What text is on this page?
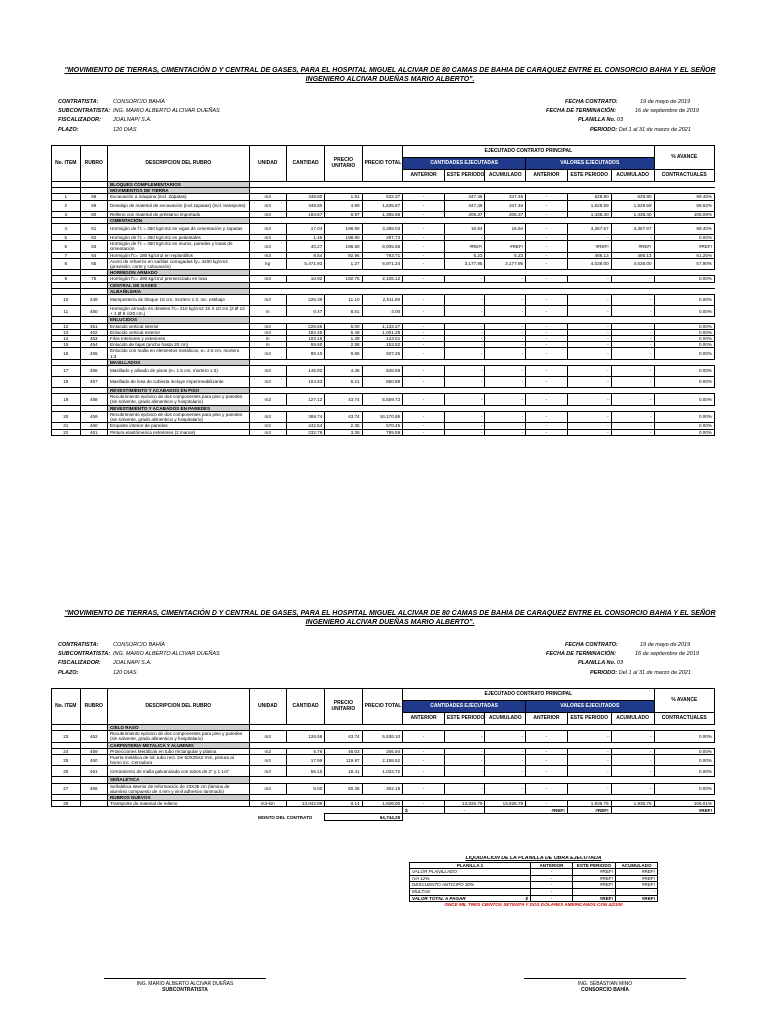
"MOVIMIENTO DE TIERRAS, CIMENTACIÓN D Y CENTRAL DE GASES, PARA EL HOSPITAL MIGUEL ALCIVAR DE 80 CAMAS DE BAHIA DE CARAQUEZ ENTRE EL CONSORCIO BAHIA Y EL SEÑOR INGENIERO ALCIVAR DUEÑAS MARIO ALBERTO".
CONTRATISTA:	CONSORCIO BAHÍA
SUBCONTRATISTA: ING. MARIO ALBERTO ALCIVAR DUEÑAS
FISCALIZADOR: JOALNAPI S.A.
PLAZO:	120 DIAS
FECHA CONTRATO:	19 de mayo de 2019
FECHA DE TERMINACIÓN:	16 de septiembre de 2019
PLANILLA No. 03
PERIODO: Del 1 al 31 de marzo de 2021
No. ITEM	RUBRO	DESCRIPCION DEL RUBRO	UNIDAD	CANTIDAD	PRECIO UNITARIO	PRECIO TOTAL	EJECUTADO CONTRATO PRINCIPAL						% AVANCE
							CANTIDADES EJECUTADAS			VALORES EJECUTADOS			
							ANTERIOR	ESTE PERIODO	ACUMULADO	ANTERIOR	ESTE PERIODO	ACUMULADO	CONTRACTUALES
		BLOQUES COMPLEMENTARIOS											
		MOVIMIENTOS DE TIERRA											
1	58	Excavación a máquina (incl. Zapatas)	m3	348.80	1.81	632.37	-	347.46	347.46	-	628.90	628.90	99.45%
2	59	Desalojo de material de excavación (incl.zapatas) (incl. transporte)	m3	348.80	4.69	1,635.87	-	347.46	347.46	-	1,629.59	1,629.59	99.62%
3	60	Relleno con material de préstamo importado	m3	194.67	6.97	1,355.88	-	206.37	206.37	-	1,438.40	1,438.40	106.09%
		CIMENTACIÓN											
4	61	Hormigón de f'c = 350 kg/cm2 en vigas de cimentación y zapatas	m3	17.04	198.80	3,388.03	-	16.94	16.94	-	3,367.67	3,367.67	99.40%
5	62	Hormigón de f'c = 350 kg/cm2 en pedestales	m3	1.45	198.80	287.73	-	-	-	-	-	-	0.00%
6	63	Hormigón de f'c = 350 kg/cm2 en muros, paredes y losas de cimentación	m3	40.27	198.80	8,005.56	-	#REF!	#REF!	-	#REF!	#REF!	#REF!
7	64	Hormigón f'c= 180 kg/cm2 en replantillos	m3	8.54	92.95	793.71	-	5.23	5.23	-	486.13	486.13	61.25%
8	65	Acero de refuerzo en varillas corrugadas fy= 4200 kg/cm2 (provisión, corte y colocación)	kg	5,471.93	1.27	6,971.24	-	3,177.95	3,177.95	-	4,036.00	4,036.00	57.90%
		HORMIGON ARMADO											
9	75	Hormigón f'c= 280 kg/cm2 premezclado en losa	m3	10.92	192.75	2,105.12	-	-	-	-	-	-	0.00%
		CENTRAL DE GASES											
		ALBAÑILERIA											
10	449	Mampostería de bloque 15 cm, mortero 1:3, inc. estibaje	m2	226.39	11.10	2,511.80	-	-	-	-	-	-	0.00%
11	450	Hormigón armado en dinteles f'c= 210 kg/cm2 15 X 10 cm (2 Ø 12 + 1 Ø 8 c/20 cm.)	m	0.47	8.51	4.00	-	-	-	-	-	-	0.00%
		ENLUCIDOS											
12	451	Enlucido vertical interior	m2	226.55	5.00	1,132.27	-	-	-	-	-	-	0.00%
13	452	Enlucido vertical exterior	m2	182.45	5.49	1,001.28	-	-	-	-	-	-	0.00%
14	453	Filos Interiores y exteriores	m	103.16	1.39	143.01	-	-	-	-	-	-	0.00%
15	454	Enlucido de fajas (ancho hasta 20 cm)	m	59.60	2.58	153.52	-	-	-	-	-	-	0.00%
16	455	Enlucido con malla en elementos metálicos, e= 2.5 cm, mortero 1:3	m2	95.10	9.86	937.26	-	-	-	-	-	-	0.00%
		MASILLADOS											
17	456	Masillado y alisado de pisos (e= 1.5 cm, mortero 1:3)	m2	145.92	4.45	648.59	-	-	-	-	-	-	0.00%
18	457	Masillado de losa de cubierta incluye impermeabilizante	m2	104.63	6.21	650.89	-	-	-	-	-	-	0.00%
		REVESTIMIENTO Y ACABADOS EN PISO											
19	458	Recubrimiento epóxico de dos componentes para piso y paredes (sin solvente, grado alimenticio y hospitalario)	m2	127.12	43.74	5,559.72	-	-	-	-	-	-	0.00%
		REVESTIMIENTO Y ACABADOS EN PAREDES											
20	459	Recubrimiento epóxico de dos componentes para piso y paredes (sin solvente, grado alimenticio y hospitalario)	m2	369.74	43.74	16,170.95	-	-	-	-	-	-	0.00%
21	460	Empaste interior de paredes	m2	242.54	2.35	570.45	-	-	-	-	-	-	0.00%
22	461	Pintura elastómerica exteriores (2 manos)	m2	232.76	3.39	789.59	-	-	-	-	-	-	0.00%
"MOVIMIENTO DE TIERRAS, CIMENTACIÓN D Y CENTRAL DE GASES, PARA EL HOSPITAL MIGUEL ALCIVAR DE 80 CAMAS DE BAHIA DE CARAQUEZ ENTRE EL CONSORCIO BAHIA Y EL SEÑOR INGENIERO ALCIVAR DUEÑAS MARIO ALBERTO".
CONTRATISTA:	CONSORCIO BAHÍA
SUBCONTRATISTA: ING. MARIO ALBERTO ALCIVAR DUEÑAS
FISCALIZADOR: JOALNAPI S.A.
PLAZO:	120 DIAS
FECHA CONTRATO:	19 de mayo de 2019
FECHA DE TERMINACIÓN:	16 de septiembre de 2019
PLANILLA No. 03
PERIODO: Del 1 al 31 de marzo de 2021
No. ITEM	RUBRO	DESCRIPCION DEL RUBRO	UNIDAD	CANTIDAD	PRECIO UNITARIO	PRECIO TOTAL	EJECUTADO CONTRATO PRINCIPAL						% AVANCE
							CANTIDADES EJECUTADAS			VALORES EJECUTADOS			
							ANTERIOR	ESTE PERIODO	ACUMULADO	ANTERIOR	ESTE PERIODO	ACUMULADO	CONTRACTUALES
		CIELO RASO											
23	462	Recubrimiento epóxico de dos componentes para piso y paredes (sin solvente, grado alimenticio y hospitalario)	m2	126.56	43.74	5,536.10	-	-	-	-	-	-	0.00%
		CARPINTERIA METALICA Y ALUMINIO											
24	459	Protecciones Metálicas en tubo rectangular y platina	m2	5.76	46.03	265.94	-	-	-	-	-	-	0.00%
25	460	Puerta metálica de tol, tubo rect. De 50X25X2 mm, pintura al horno inc. Cerradura	m2	17.99	119.97	2,158.52	-	-	-	-	-	-	0.00%
26	461	Cerramiento de malla galvanizada con tubos de 2" y 1 1/4"	m2	56.15	18.41	1,033.72	-	-	-	-	-	-	0.00%
		SEÑALETICA											
27	456	Señalética interior de Información de 23X35 cm (lámina de aluminio compuesto de 4 mm y vinil adhesivo laminado)	m2	6.00	50.36	302.15	-	-	-	-	-	-	0.00%
		RUBROS NUEVOS											
28		Transporte de material de relleno	m3-km	13,042.89	0.14	1,826.00	-	13,826.79	13,826.79	-	1,935.75	1,935.75	106.01%
							$	-	#REF!		#REF!	#REF!	
MONTO DEL CONTRATO					64,744.25								
LIQUIDACION DE LA PLANILLA DE OBRA EJECUTADA			
PLANILLA 1	ANTERIOR	ESTE PERIODO	ACUMULADO
VALOR PLANILLADO	-	#REF!	#REF!
IVA 12%	-	#REF!	#REF!
DESCUENTO ANTICIPO 30%	-	#REF!	#REF!
MULTAS	-	-	-
VALOR TOTAL A PAGAR $	-	#REF!	#REF!
ONCE MIL TRES CIENTOS SETENTA Y DOS DÓLARES AMERICANOS CON 42/100			
ING. MARIO ALBERTO ALCIVAR DUEÑAS
SUBCONTRATISTA
ING. SEBASTIAN MINO
CONSORCIO BAHÍA
